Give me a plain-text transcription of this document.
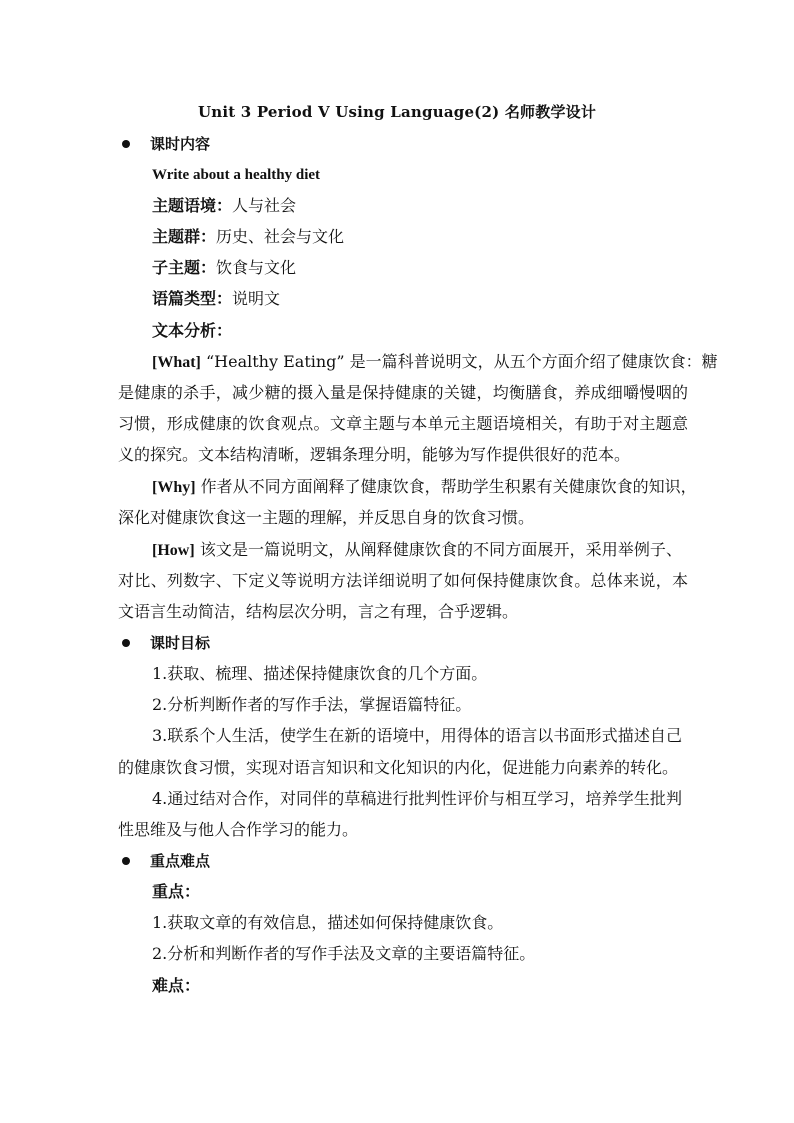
Unit 3 Period Ⅴ Using Language(2) 名师教学设计
课时内容
Write about a healthy diet
主题语境：人与社会
主题群：历史、社会与文化
子主题：饮食与文化
语篇类型：说明文
文本分析：
[What] “Healthy Eating” 是一篇科普说明文，从五个方面介绍了健康饮食：糖
是健康的杀手，减少糖的摄入量是保持健康的关键，均衡膳食，养成细嚼慢咽的
习惯，形成健康的饮食观点。文章主题与本单元主题语境相关，有助于对主题意
义的探究。文本结构清晰，逻辑条理分明，能够为写作提供很好的范本。
[Why] 作者从不同方面阐释了健康饮食，帮助学生积累有关健康饮食的知识，
深化对健康饮食这一主题的理解，并反思自身的饮食习惯。
[How] 该文是一篇说明文，从阐释健康饮食的不同方面展开，采用举例子、
对比、列数字、下定义等说明方法详细说明了如何保持健康饮食。总体来说，本
文语言生动简洁，结构层次分明，言之有理，合乎逻辑。
课时目标
1.获取、梳理、描述保持健康饮食的几个方面。
2.分析判断作者的写作手法，掌握语篇特征。
3.联系个人生活，使学生在新的语境中，用得体的语言以书面形式描述自己
的健康饮食习惯，实现对语言知识和文化知识的内化，促进能力向素养的转化。
4.通过结对合作，对同伴的草稿进行批判性评价与相互学习，培养学生批判
性思维及与他人合作学习的能力。
重点难点
重点：
1.获取文章的有效信息，描述如何保持健康饮食。
2.分析和判断作者的写作手法及文章的主要语篇特征。
难点：
